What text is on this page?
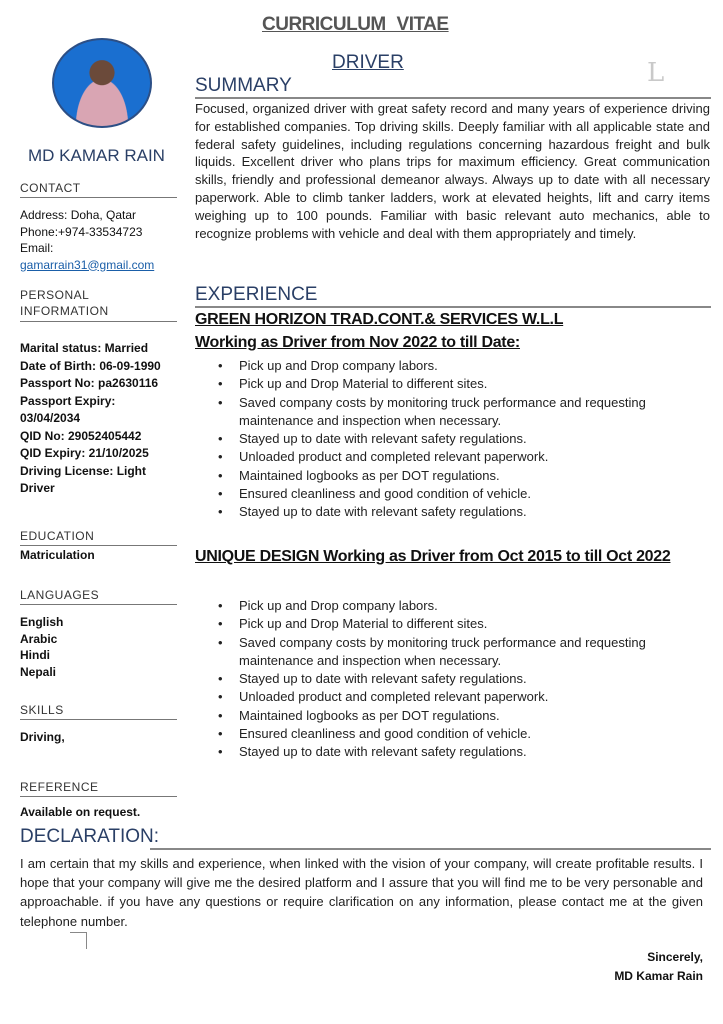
CURRICULUM VITAE
DRIVER	L
MD KAMAR RAIN
CONTACT
Address: Doha, Qatar
Phone:+974-33534723
Email:
gamarrain31@gmail.com
PERSONAL
INFORMATION
Marital status: Married
Date of Birth: 06-09-1990
Passport No: pa2630116
Passport Expiry:
03/04/2034
QID No: 29052405442
QID Expiry: 21/10/2025
Driving License: Light
Driver
EDUCATION
Matriculation
LANGUAGES
English
Arabic
Hindi
Nepali
SKILLS
Driving,
REFERENCE
Available on request.
SUMMARY
Focused, organized driver with great safety record and many years of experience driving for established companies. Top driving skills. Deeply familiar with all applicable state and federal safety guidelines, including regulations concerning hazardous freight and bulk liquids. Excellent driver who plans trips for maximum efficiency. Great communication skills, friendly and professional demeanor always. Always up to date with all necessary paperwork. Able to climb tanker ladders, work at elevated heights, lift and carry items weighing up to 100 pounds. Familiar with basic relevant auto mechanics, able to recognize problems with vehicle and deal with them appropriately and timely.
EXPERIENCE
GREEN HORIZON TRAD.CONT.& SERVICES W.L.L
Working as Driver from Nov 2022 to till Date:
• Pick up and Drop company labors.
• Pick up and Drop Material to different sites.
• Saved company costs by monitoring truck performance and requesting maintenance and inspection when necessary.
• Stayed up to date with relevant safety regulations.
• Unloaded product and completed relevant paperwork.
• Maintained logbooks as per DOT regulations.
• Ensured cleanliness and good condition of vehicle.
• Stayed up to date with relevant safety regulations.
UNIQUE DESIGN Working as Driver from Oct 2015 to till Oct 2022
• Pick up and Drop company labors.
• Pick up and Drop Material to different sites.
• Saved company costs by monitoring truck performance and requesting maintenance and inspection when necessary.
• Stayed up to date with relevant safety regulations.
• Unloaded product and completed relevant paperwork.
• Maintained logbooks as per DOT regulations.
• Ensured cleanliness and good condition of vehicle.
• Stayed up to date with relevant safety regulations.
DECLARATION:
I am certain that my skills and experience, when linked with the vision of your company, will create profitable results. I hope that your company will give me the desired platform and I assure that you will find me to be very personable and approachable. if you have any questions or require clarification on any information, please contact me at the given telephone number.
Sincerely,
MD Kamar Rain
